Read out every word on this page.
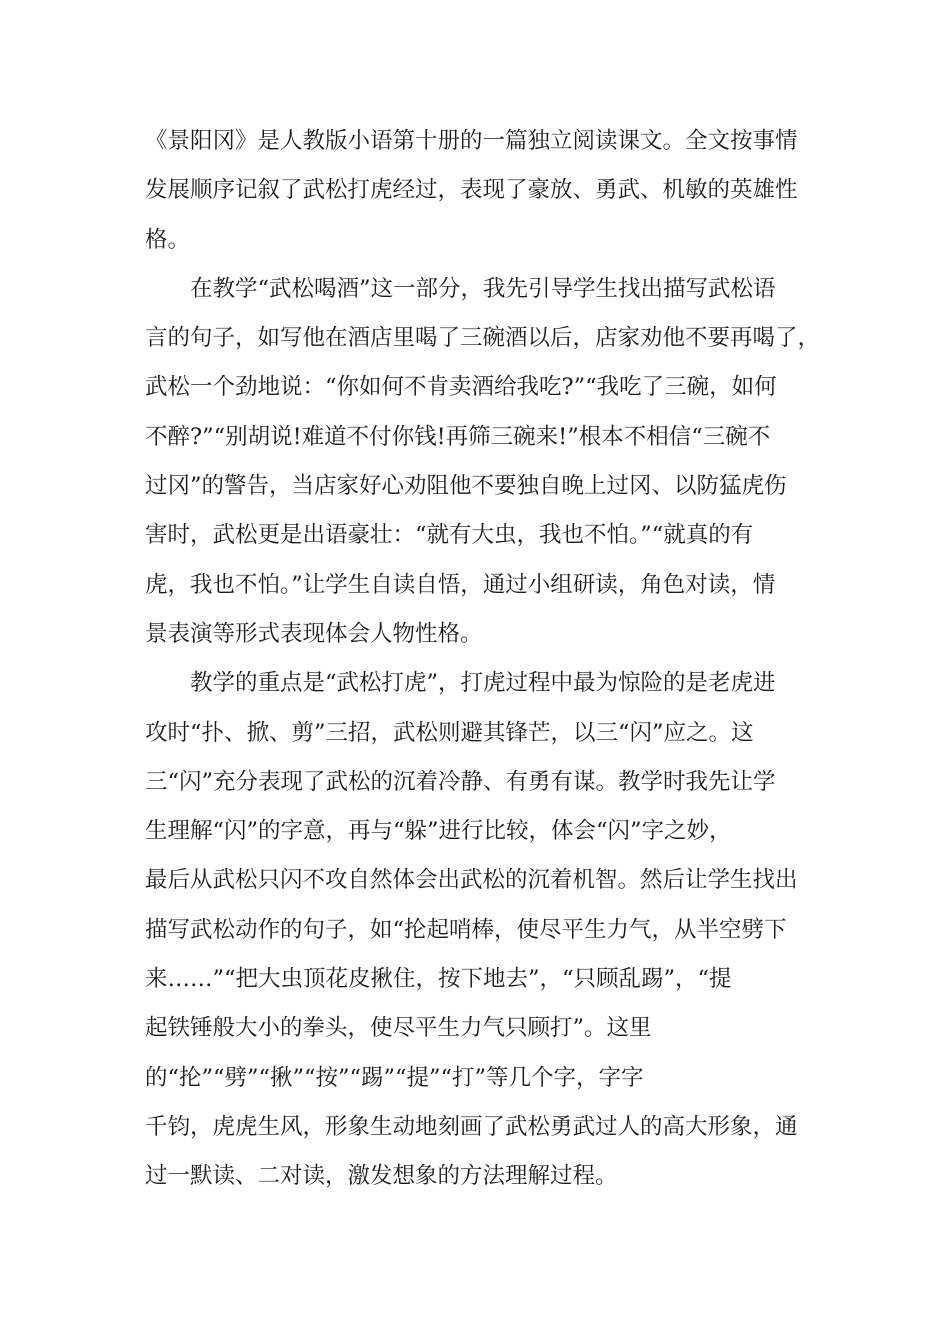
《景阳冈》是人教版小语第十册的一篇独立阅读课文。全文按事情
发展顺序记叙了武松打虎经过，表现了豪放、勇武、机敏的英雄性
格。
在教学“武松喝酒”这一部分，我先引导学生找出描写武松语
言的句子，如写他在酒店里喝了三碗酒以后，店家劝他不要再喝了，
武松一个劲地说：“你如何不肯卖酒给我吃?”“我吃了三碗，如何
不醉?”“别胡说!难道不付你钱!再筛三碗来!”根本不相信“三碗不
过冈”的警告，当店家好心劝阻他不要独自晚上过冈、以防猛虎伤
害时，武松更是出语豪壮：“就有大虫，我也不怕。”“就真的有
虎，我也不怕。”让学生自读自悟，通过小组研读，角色对读，情
景表演等形式表现体会人物性格。
教学的重点是“武松打虎”，打虎过程中最为惊险的是老虎进
攻时“扑、掀、剪”三招，武松则避其锋芒，以三“闪”应之。这
三“闪”充分表现了武松的沉着冷静、有勇有谋。教学时我先让学
生理解“闪”的字意，再与“躲”进行比较，体会“闪”字之妙，
最后从武松只闪不攻自然体会出武松的沉着机智。然后让学生找出
描写武松动作的句子，如“抡起哨棒，使尽平生力气，从半空劈下
来……”“把大虫顶花皮揪住，按下地去”，“只顾乱踢”，“提
起铁锤般大小的拳头，使尽平生力气只顾打”。这里
的“抡”“劈”“揪”“按”“踢”“提”“打”等几个字，字字
千钧，虎虎生风，形象生动地刻画了武松勇武过人的高大形象，通
过一默读、二对读，激发想象的方法理解过程。
